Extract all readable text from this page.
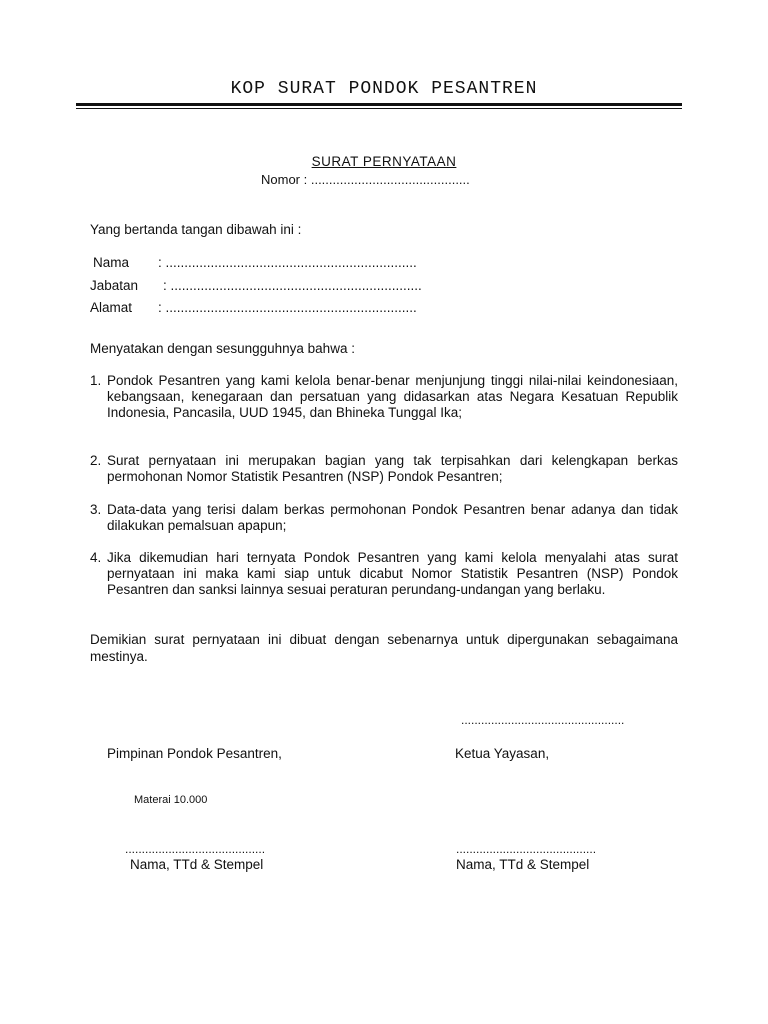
KOP SURAT PONDOK PESANTREN
SURAT PERNYATAAN
Nomor : ............................................
Yang bertanda tangan dibawah ini :
Nama : ...................................................................
Jabatan : ...................................................................
Alamat : ...................................................................
Menyatakan dengan sesungguhnya bahwa :
1. Pondok Pesantren yang kami kelola benar-benar menjunjung tinggi nilai-nilai keindonesiaan, kebangsaan, kenegaraan dan persatuan yang didasarkan atas Negara Kesatuan Republik Indonesia, Pancasila, UUD 1945, dan Bhineka Tunggal Ika;
2. Surat pernyataan ini merupakan bagian yang tak terpisahkan dari kelengkapan berkas permohonan Nomor Statistik Pesantren (NSP) Pondok Pesantren;
3. Data-data yang terisi dalam berkas permohonan Pondok Pesantren benar adanya dan tidak dilakukan pemalsuan apapun;
4. Jika dikemudian hari ternyata Pondok Pesantren yang kami kelola menyalahi atas surat pernyataan ini maka kami siap untuk dicabut Nomor Statistik Pesantren (NSP) Pondok Pesantren dan sanksi lainnya sesuai peraturan perundang-undangan yang berlaku.
Demikian surat pernyataan ini dibuat dengan sebenarnya untuk dipergunakan sebagaimana mestinya.
.................................................
Pimpinan Pondok Pesantren,	Ketua Yayasan,
Materai 10.000
..........................................	..........................................
Nama, TTd & Stempel	Nama, TTd & Stempel
